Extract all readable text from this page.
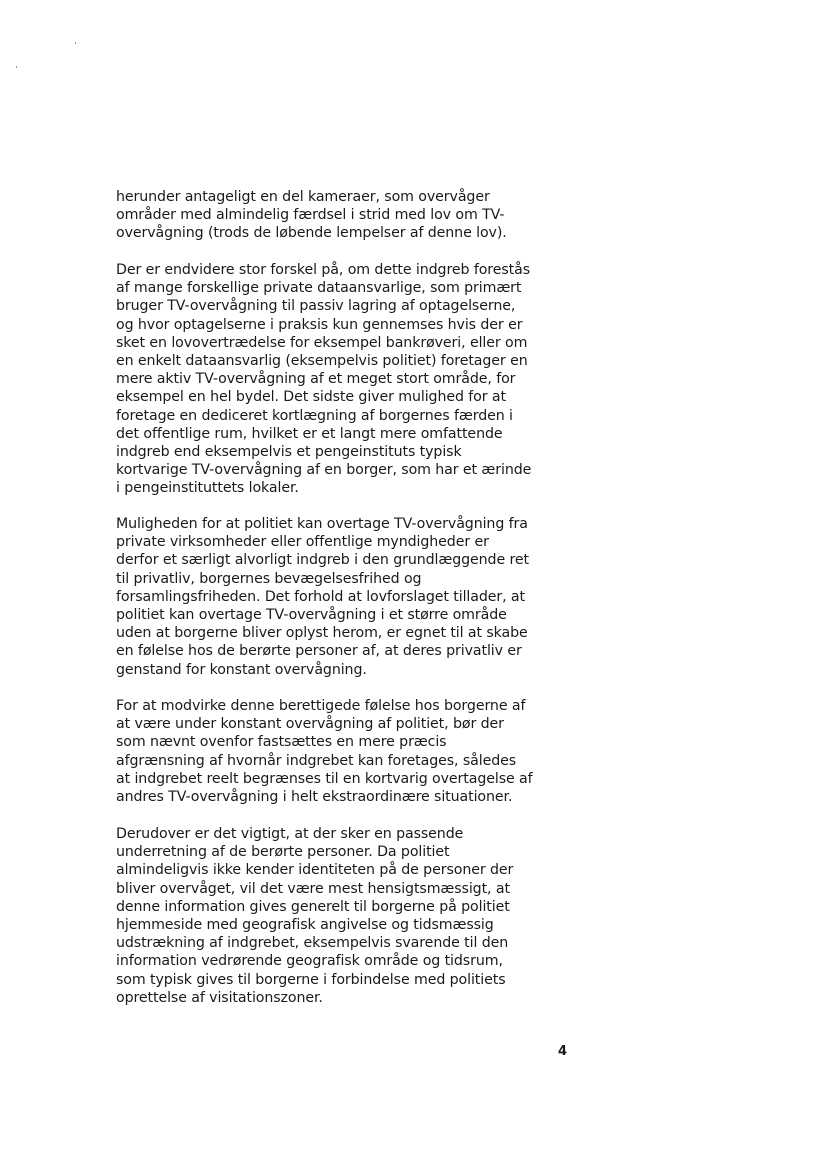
herunder antageligt en del kameraer, som overvåger
områder med almindelig færdsel i strid med lov om TV-
overvågning (trods de løbende lempelser af denne lov).
Der er endvidere stor forskel på, om dette indgreb forestås
af mange forskellige private dataansvarlige, som primært
bruger TV-overvågning til passiv lagring af optagelserne,
og hvor optagelserne i praksis kun gennemses hvis der er
sket en lovovertrædelse for eksempel bankrøveri, eller om
en enkelt dataansvarlig (eksempelvis politiet) foretager en
mere aktiv TV-overvågning af et meget stort område, for
eksempel en hel bydel. Det sidste giver mulighed for at
foretage en dediceret kortlægning af borgernes færden i
det offentlige rum, hvilket er et langt mere omfattende
indgreb end eksempelvis et pengeinstituts typisk
kortvarige TV-overvågning af en borger, som har et ærinde
i pengeinstituttets lokaler.
Muligheden for at politiet kan overtage TV-overvågning fra
private virksomheder eller offentlige myndigheder er
derfor et særligt alvorligt indgreb i den grundlæggende ret
til privatliv, borgernes bevægelsesfrihed og
forsamlingsfriheden. Det forhold at lovforslaget tillader, at
politiet kan overtage TV-overvågning i et større område
uden at borgerne bliver oplyst herom, er egnet til at skabe
en følelse hos de berørte personer af, at deres privatliv er
genstand for konstant overvågning.
For at modvirke denne berettigede følelse hos borgerne af
at være under konstant overvågning af politiet, bør der
som nævnt ovenfor fastsættes en mere præcis
afgrænsning af hvornår indgrebet kan foretages, således
at indgrebet reelt begrænses til en kortvarig overtagelse af
andres TV-overvågning i helt ekstraordinære situationer.
Derudover er det vigtigt, at der sker en passende
underretning af de berørte personer. Da politiet
almindeligvis ikke kender identiteten på de personer der
bliver overvåget, vil det være mest hensigtsmæssigt, at
denne information gives generelt til borgerne på politiet
hjemmeside med geografisk angivelse og tidsmæssig
udstrækning af indgrebet, eksempelvis svarende til den
information vedrørende geografisk område og tidsrum,
som typisk gives til borgerne i forbindelse med politiets
oprettelse af visitationszoner.
4
